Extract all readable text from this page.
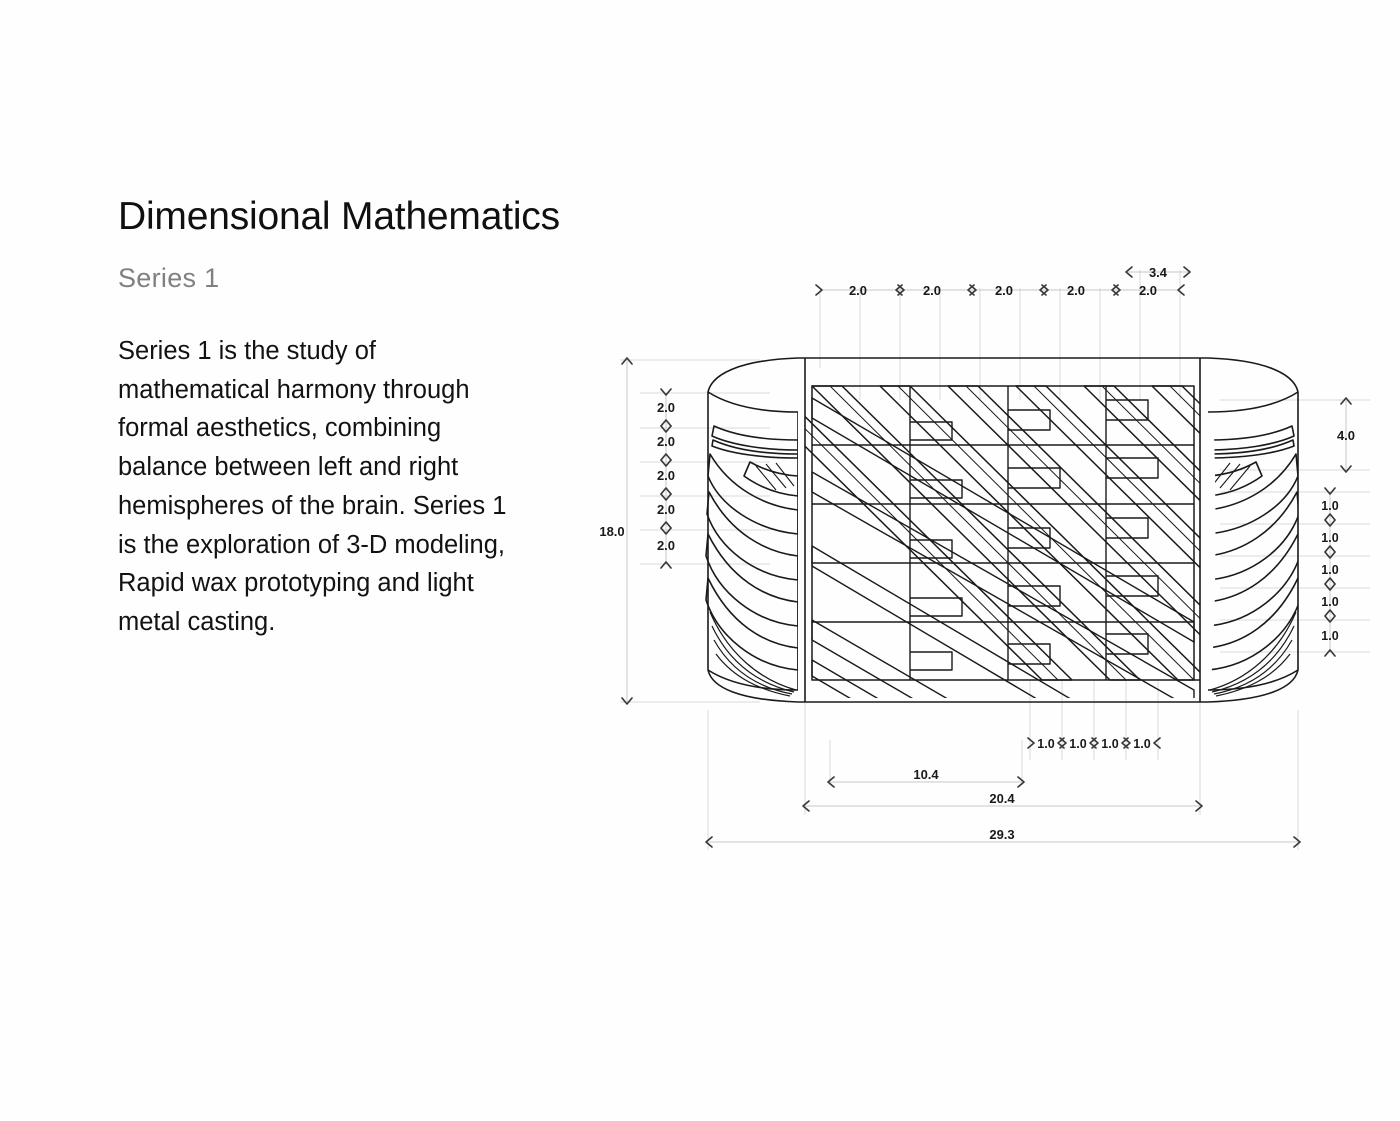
Dimensional Mathematics
Series 1

Series 1 is the study of mathematical harmony through formal aesthetics, combining balance between left and right hemispheres of the brain. Series 1 is the exploration of 3-D modeling, Rapid wax prototyping and light metal casting.

2.0	2.0	2.0	2.0	2.0
3.4
18.0
2.0
2.0
2.0
2.0
2.0
4.0
1.0
1.0
1.0
1.0
1.0
1.0 1.0 1.0 1.0
10.4
20.4
29.3
